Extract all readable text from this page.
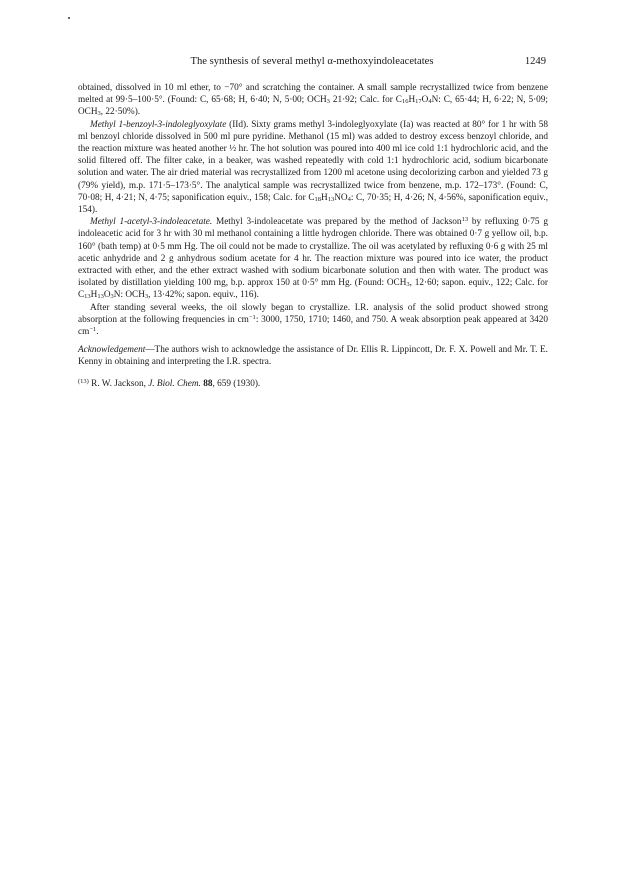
The synthesis of several methyl α-methoxyindoleacetates	1249

obtained, dissolved in 10 ml ether, to −70° and scratching the container. A small sample recrystallized twice from benzene melted at 99·5–100·5°. (Found: C, 65·68; H, 6·40; N, 5·00; $OCH_3$ 21·92; Calc. for $C_{16}H_{17}O_4N$: C, 65·44; H, 6·22; N, 5·09; $OCH_3$, 22·50%).

Methyl 1-benzoyl-3-indoleglyoxylate (IId). Sixty grams methyl 3-indoleglyoxylate (Ia) was reacted at 80° for 1 hr with 58 ml benzoyl chloride dissolved in 500 ml pure pyridine. Methanol (15 ml) was added to destroy excess benzoyl chloride, and the reaction mixture was heated another ½ hr. The hot solution was poured into 400 ml ice cold 1:1 hydrochloric acid, and the solid filtered off. The filter cake, in a beaker, was washed repeatedly with cold 1:1 hydrochloric acid, sodium bicarbonate solution and water. The air dried material was recrystallized from 1200 ml acetone using decolorizing carbon and yielded 73 g (79% yield), m.p. 171·5–173·5°. The analytical sample was recrystallized twice from benzene, m.p. 172–173°. (Found: C, 70·08; H, 4·21; N, 4·75; saponification equiv., 158; Calc. for $C_{18}H_{13}NO_4$: C, 70·35; H, 4·26; N, 4·56%, saponification equiv., 154).

Methyl 1-acetyl-3-indoleacetate. Methyl 3-indoleacetate was prepared by the method of Jackson$^{13}$ by refluxing 0·75 g indoleacetic acid for 3 hr with 30 ml methanol containing a little hydrogen chloride. There was obtained 0·7 g yellow oil, b.p. 160° (bath temp) at 0·5 mm Hg. The oil could not be made to crystallize. The oil was acetylated by refluxing 0·6 g with 25 ml acetic anhydride and 2 g anhydrous sodium acetate for 4 hr. The reaction mixture was poured into ice water, the product extracted with ether, and the ether extract washed with sodium bicarbonate solution and then with water. The product was isolated by distillation yielding 100 mg, b.p. approx 150 at 0·5° mm Hg. (Found: $OCH_3$, 12·60; sapon. equiv., 122; Calc. for $C_{13}H_{13}O_3N$: $OCH_3$, 13·42%; sapon. equiv., 116).

After standing several weeks, the oil slowly began to crystallize. I.R. analysis of the solid product showed strong absorption at the following frequencies in $cm^{-1}$: 3000, 1750, 1710; 1460, and 750. A weak absorption peak appeared at 3420 $cm^{-1}$.

Acknowledgement—The authors wish to acknowledge the assistance of Dr. Ellis R. Lippincott, Dr. F. X. Powell and Mr. T. E. Kenny in obtaining and interpreting the I.R. spectra.

$^{(13)}$ R. W. Jackson, J. Biol. Chem. 88, 659 (1930).
